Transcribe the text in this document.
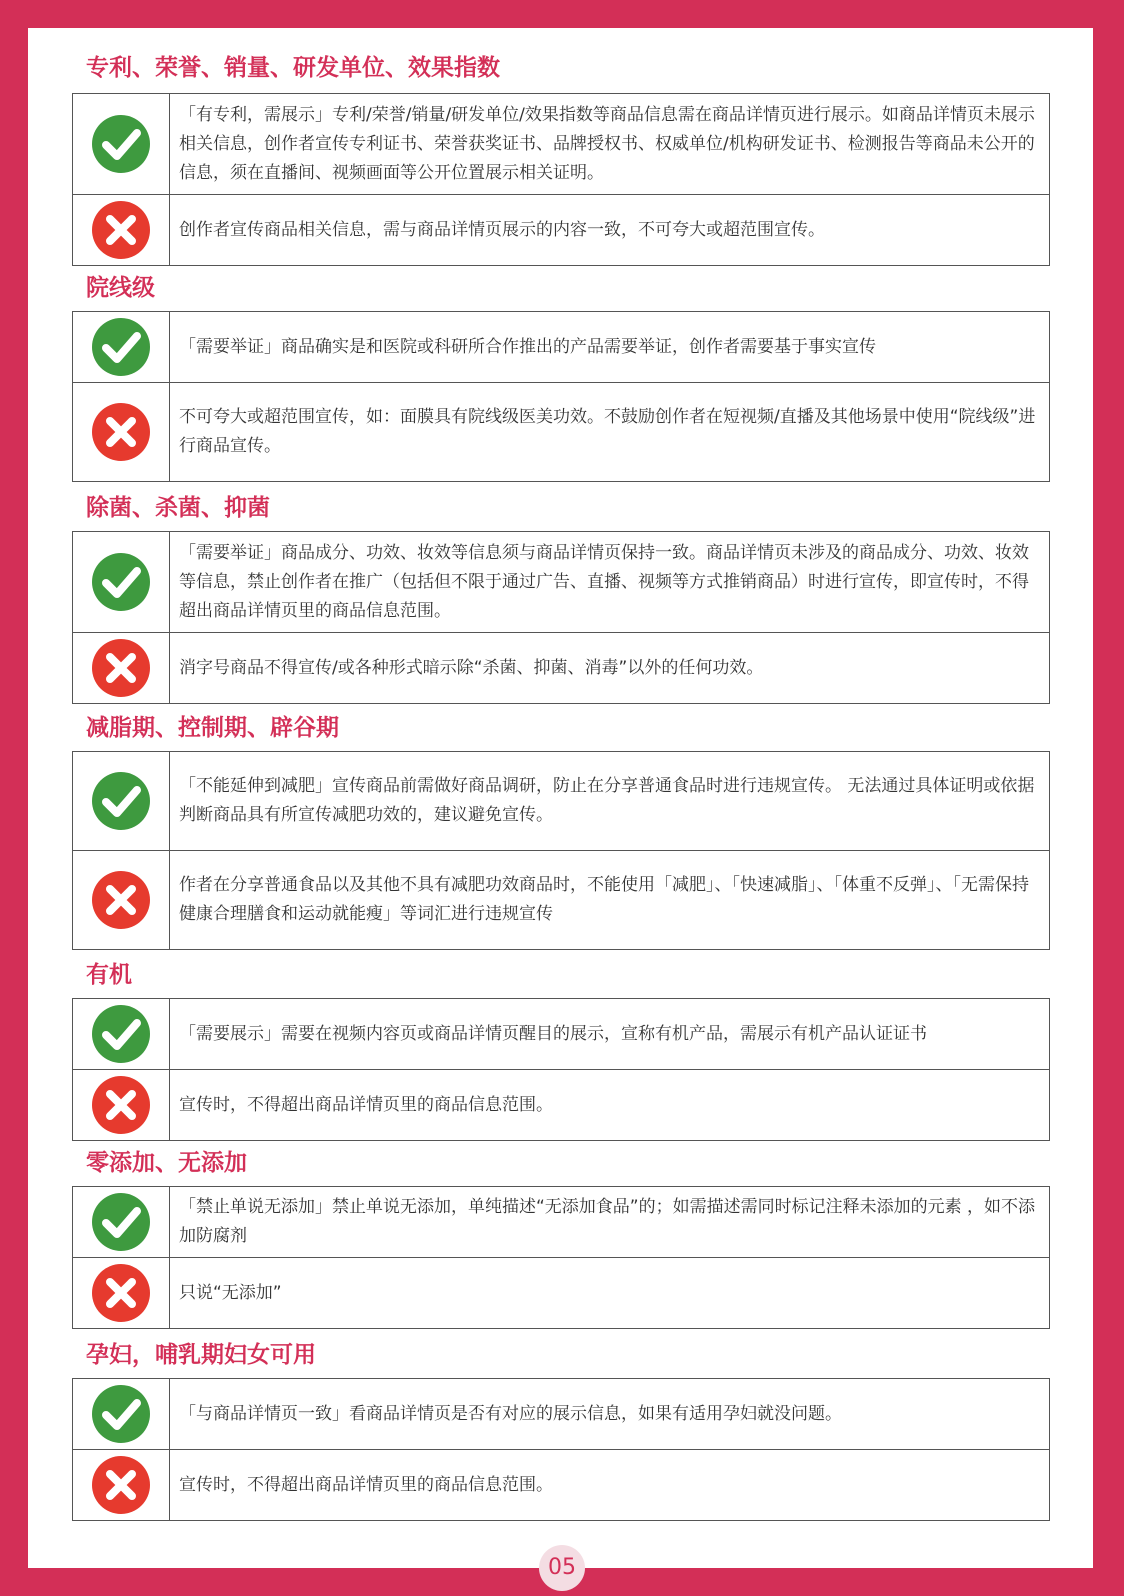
专利、荣誉、销量、研发单位、效果指数
「有专利，需展示」专利/荣誉/销量/研发单位/效果指数等商品信息需在商品详情页进行展示。如商品详情页未展示相关信息，创作者宣传专利证书、荣誉获奖证书、品牌授权书、权威单位/机构研发证书、检测报告等商品未公开的信息，须在直播间、视频画面等公开位置展示相关证明。
创作者宣传商品相关信息，需与商品详情页展示的内容一致，不可夸大或超范围宣传。
院线级
「需要举证」商品确实是和医院或科研所合作推出的产品需要举证，创作者需要基于事实宣传
不可夸大或超范围宣传，如：面膜具有院线级医美功效。不鼓励创作者在短视频/直播及其他场景中使用“院线级”进行商品宣传。
除菌、杀菌、抑菌
「需要举证」商品成分、功效、妆效等信息须与商品详情页保持一致。商品详情页未涉及的商品成分、功效、妆效等信息，禁止创作者在推广（包括但不限于通过广告、直播、视频等方式推销商品）时进行宣传，即宣传时，不得超出商品详情页里的商品信息范围。
消字号商品不得宣传/或各种形式暗示除“杀菌、抑菌、消毒”以外的任何功效。
减脂期、控制期、辟谷期
「不能延伸到减肥」宣传商品前需做好商品调研，防止在分享普通食品时进行违规宣传。 无法通过具体证明或依据判断商品具有所宣传减肥功效的，建议避免宣传。
作者在分享普通食品以及其他不具有减肥功效商品时，不能使用「减肥」、「快速减脂」、「体重不反弹」、「无需保持健康合理膳食和运动就能瘦」等词汇进行违规宣传
有机
「需要展示」需要在视频内容页或商品详情页醒目的展示，宣称有机产品，需展示有机产品认证证书
宣传时，不得超出商品详情页里的商品信息范围。
零添加、无添加
「禁止单说无添加」禁止单说无添加，单纯描述“无添加食品”的；如需描述需同时标记注释未添加的元素 ，如不添加防腐剂
只说“无添加”
孕妇，哺乳期妇女可用
「与商品详情页一致」看商品详情页是否有对应的展示信息，如果有适用孕妇就没问题。
宣传时，不得超出商品详情页里的商品信息范围。
05
